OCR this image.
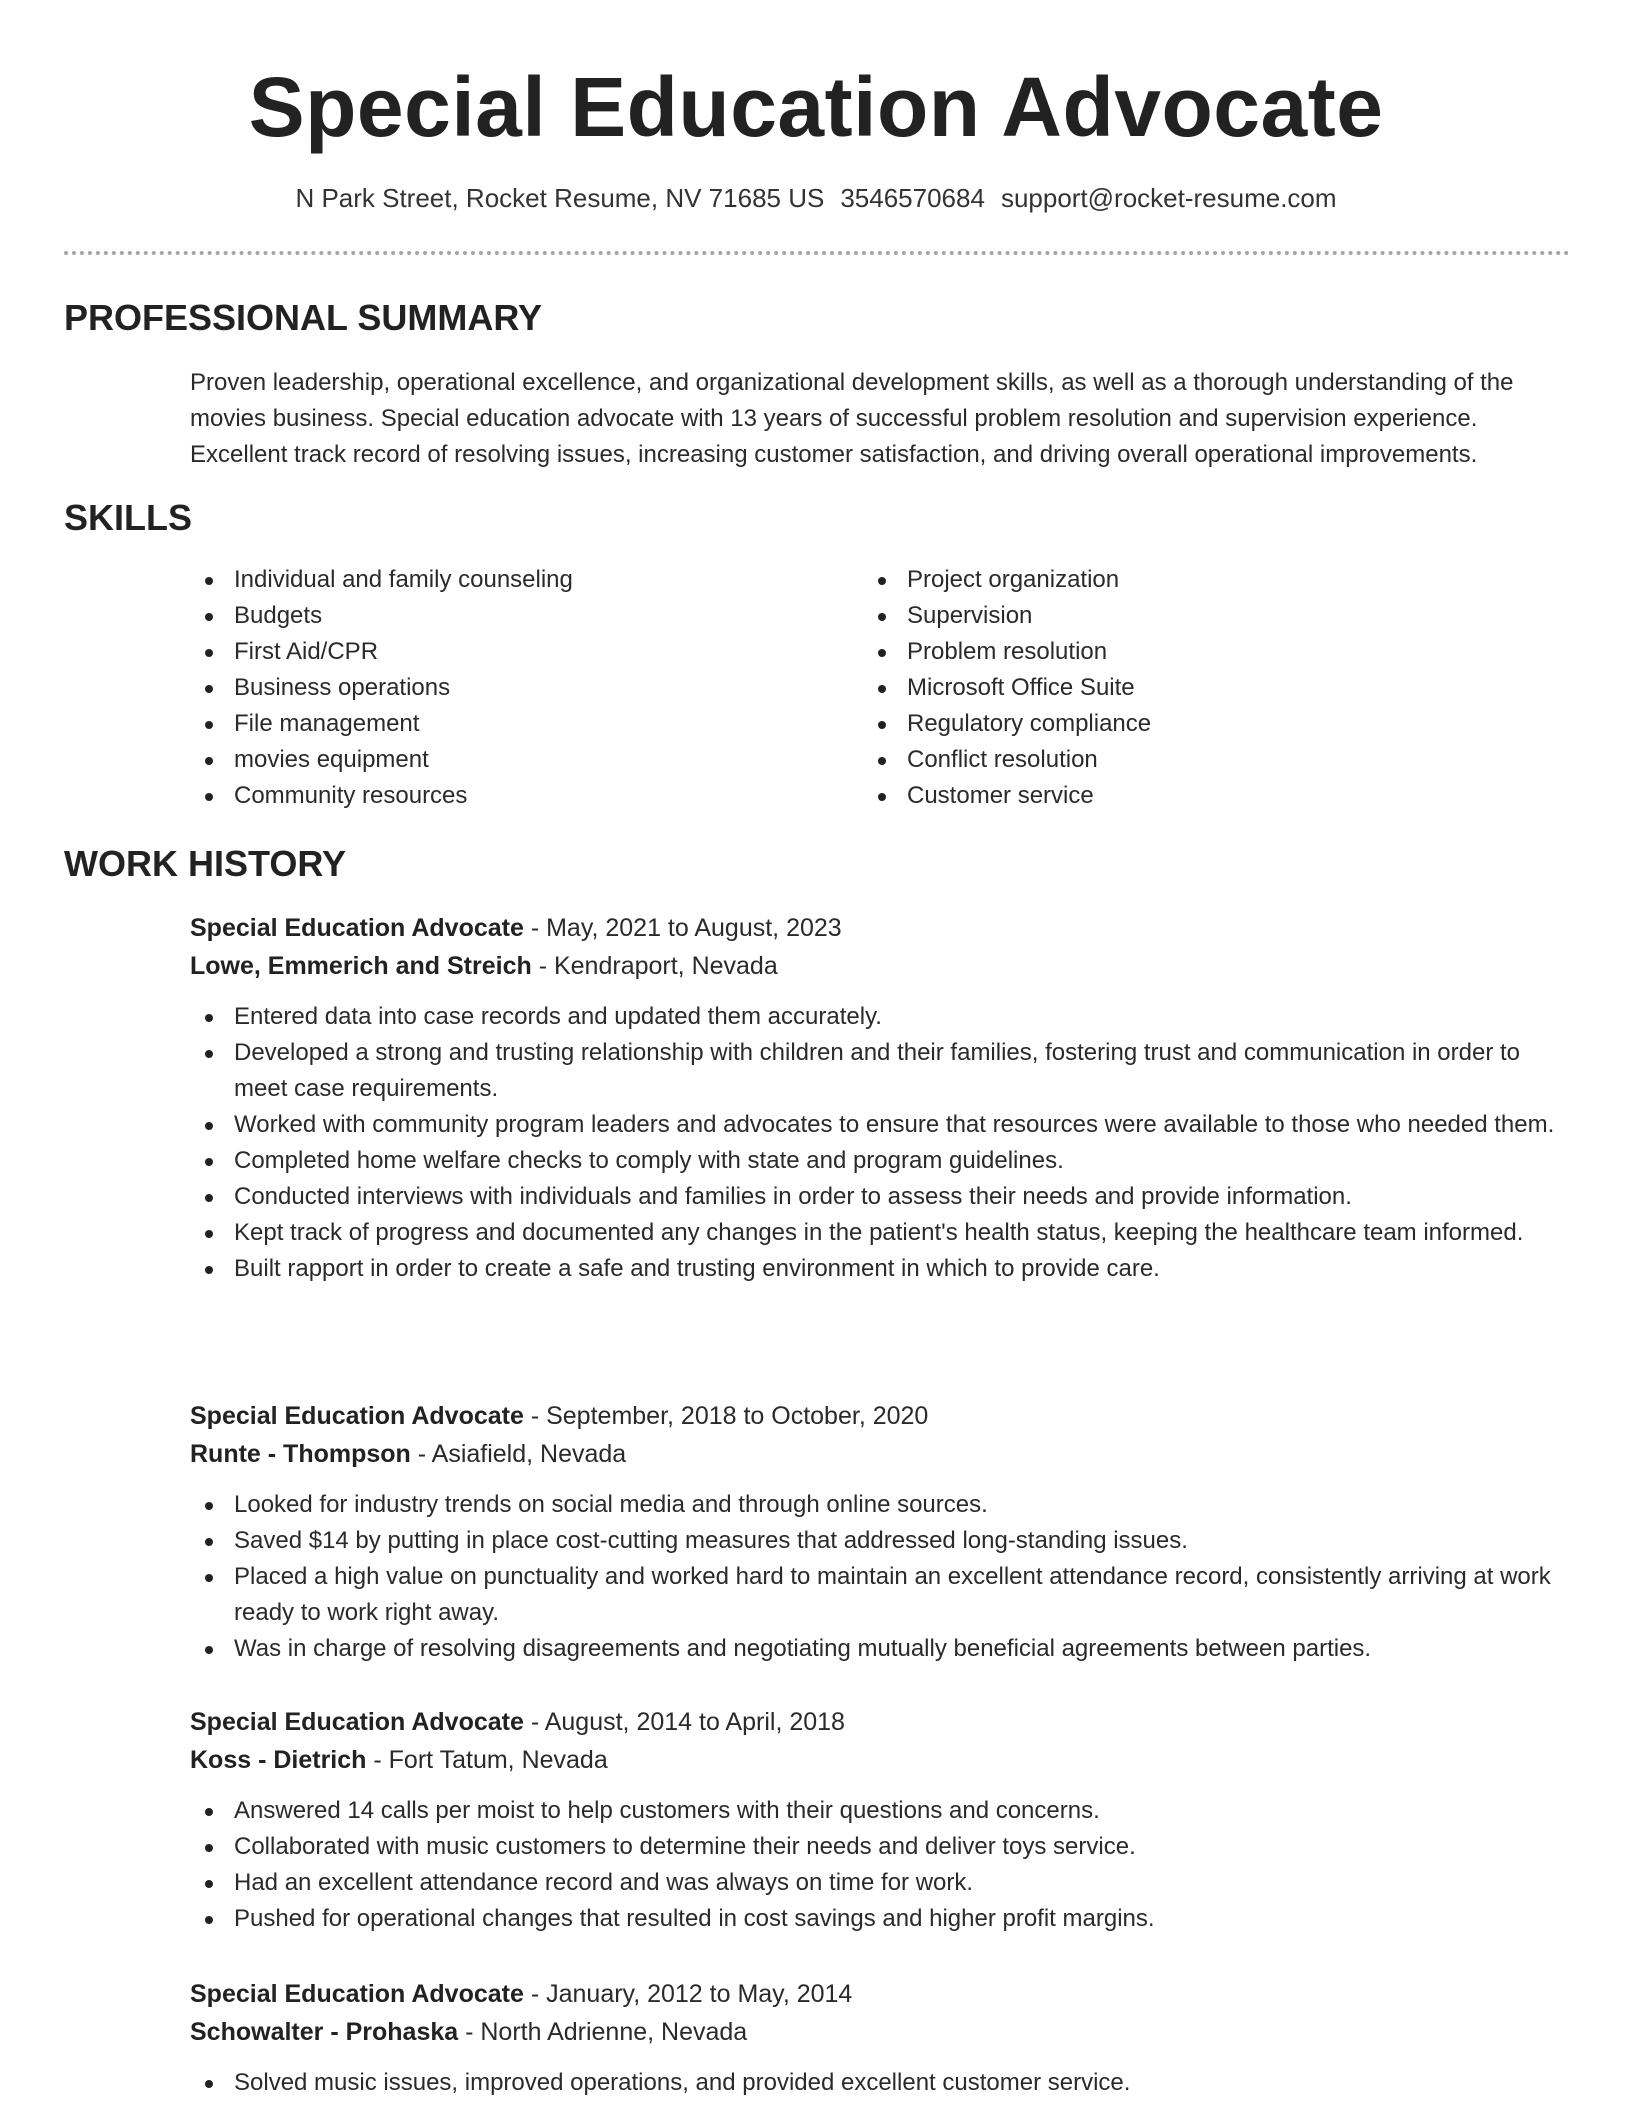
Special Education Advocate
N Park Street, Rocket Resume, NV 71685 US 3546570684 support@rocket-resume.com
PROFESSIONAL SUMMARY

Proven leadership, operational excellence, and organizational development skills, as well as a thorough understanding of the movies business. Special education advocate with 13 years of successful problem resolution and supervision experience. Excellent track record of resolving issues, increasing customer satisfaction, and driving overall operational improvements.

SKILLS
Individual and family counseling
Budgets
First Aid/CPR
Business operations
File management
movies equipment
Community resources
Project organization
Supervision
Problem resolution
Microsoft Office Suite
Regulatory compliance
Conflict resolution
Customer service
WORK HISTORY

Special Education Advocate - May, 2021 to August, 2023

Lowe, Emmerich and Streich - Kendraport, Nevada

Entered data into case records and updated them accurately.
Developed a strong and trusting relationship with children and their families, fostering trust and communication in order to meet case requirements.
Worked with community program leaders and advocates to ensure that resources were available to those who needed them.
Completed home welfare checks to comply with state and program guidelines.
Conducted interviews with individuals and families in order to assess their needs and provide information.
Kept track of progress and documented any changes in the patient's health status, keeping the healthcare team informed.
Built rapport in order to create a safe and trusting environment in which to provide care.

Special Education Advocate - September, 2018 to October, 2020

Runte - Thompson - Asiafield, Nevada

Looked for industry trends on social media and through online sources.
Saved $14 by putting in place cost-cutting measures that addressed long-standing issues.
Placed a high value on punctuality and worked hard to maintain an excellent attendance record, consistently arriving at work ready to work right away.
Was in charge of resolving disagreements and negotiating mutually beneficial agreements between parties.

Special Education Advocate - August, 2014 to April, 2018

Koss - Dietrich - Fort Tatum, Nevada

Answered 14 calls per moist to help customers with their questions and concerns.
Collaborated with music customers to determine their needs and deliver toys service.
Had an excellent attendance record and was always on time for work.
Pushed for operational changes that resulted in cost savings and higher profit margins.

Special Education Advocate - January, 2012 to May, 2014

Schowalter - Prohaska - North Adrienne, Nevada

Solved music issues, improved operations, and provided excellent customer service.
